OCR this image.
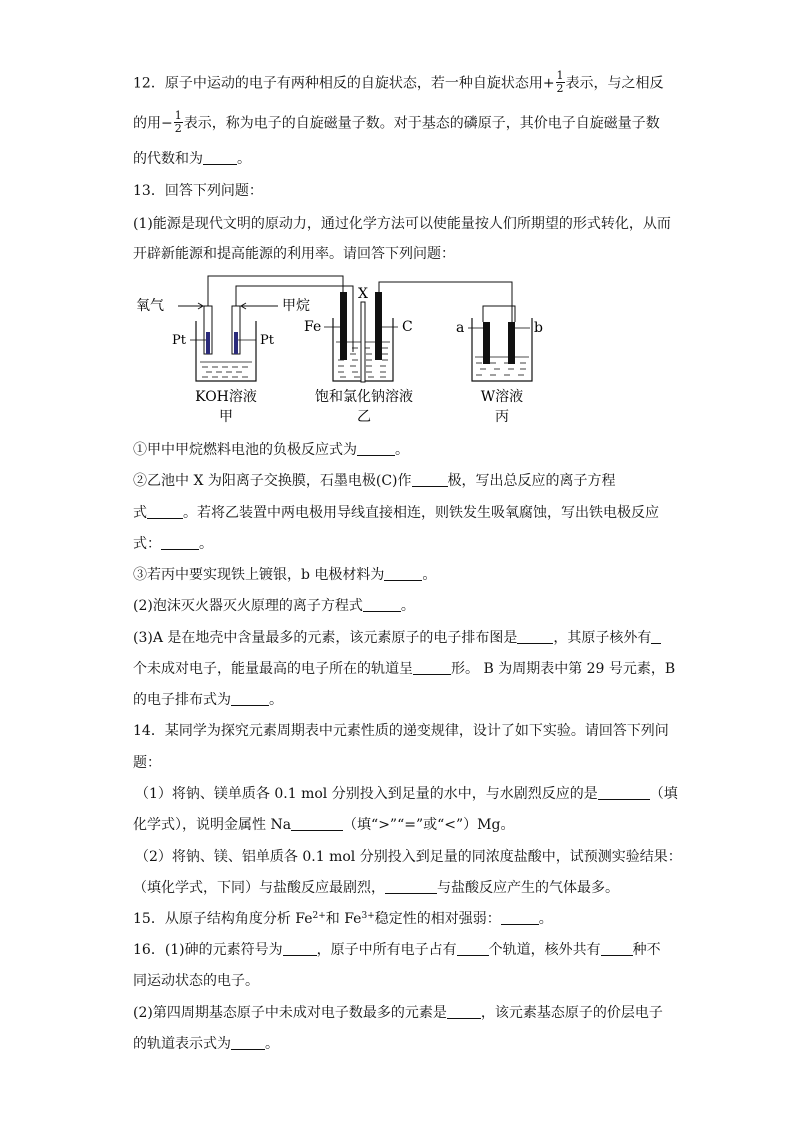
12．原子中运动的电子有两种相反的自旋状态，若一种自旋状态用+ $\frac{1}{2}$ 表示，与之相反
的用− $\frac{1}{2}$ 表示，称为电子的自旋磁量子数。对于基态的磷原子，其价电子自旋磁量子数
的代数和为 。
13．回答下列问题：
(1)能源是现代文明的原动力，通过化学方法可以使能量按人们所期望的形式转化，从而
开辟新能源和提高能源的利用率。请回答下列问题：
氧气	甲烷
Pt	Pt
KOH溶液
甲
X
Fe	C
饱和氯化钠溶液
乙
a	b
W溶液
丙
①甲中甲烷燃料电池的负极反应式为	。
②乙池中 X 为阳离子交换膜，石墨电极(C)作	极，写出总反应的离子方程
式	。若将乙装置中两电极用导线直接相连，则铁发生吸氧腐蚀，写出铁电极反应
式：	。
③若丙中要实现铁上镀银，b 电极材料为	。
(2)泡沫灭火器灭火原理的离子方程式	。
(3)A 是在地壳中含量最多的元素，该元素原子的电子排布图是	，其原子核外有
个未成对电子，能量最高的电子所在的轨道呈	形。 B 为周期表中第 29 号元素，B
的电子排布式为	。
14．某同学为探究元素周期表中元素性质的递变规律，设计了如下实验。请回答下列问
题：
（1）将钠、镁单质各 0.1 mol 分别投入到足量的水中，与水剧烈反应的是	（填
化学式），说明金属性 Na	（填“>”“=”或“<”）Mg。
（2）将钠、镁、铝单质各 0.1 mol 分别投入到足量的同浓度盐酸中，试预测实验结果：
（填化学式，下同）与盐酸反应最剧烈，	与盐酸反应产生的气体最多。
15．从原子结构角度分析 $Fe^{2+}$和 $Fe^{3+}$稳定性的相对强弱：	。
16．(1)砷的元素符号为 ，原子中所有电子占有 个轨道，核外共有 种不
同运动状态的电子。
(2)第四周期基态原子中未成对电子数最多的元素是 ，该元素基态原子的价层电子
的轨道表示式为 。
